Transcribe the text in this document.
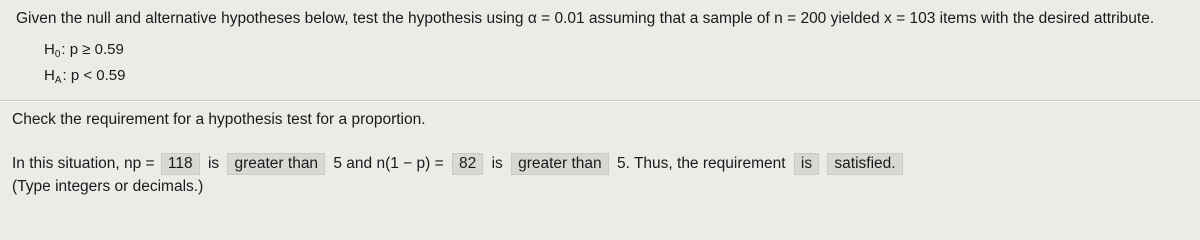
Given the null and alternative hypotheses below, test the hypothesis using α = 0.01 assuming that a sample of n = 200 yielded x = 103 items with the desired attribute.
$H_0$: p ≥ 0.59
$H_A$: p < 0.59
Check the requirement for a hypothesis test for a proportion.
In this situation, np = 118 is greater than 5 and n(1 − p) = 82 is greater than 5. Thus, the requirement is satisfied.
(Type integers or decimals.)
